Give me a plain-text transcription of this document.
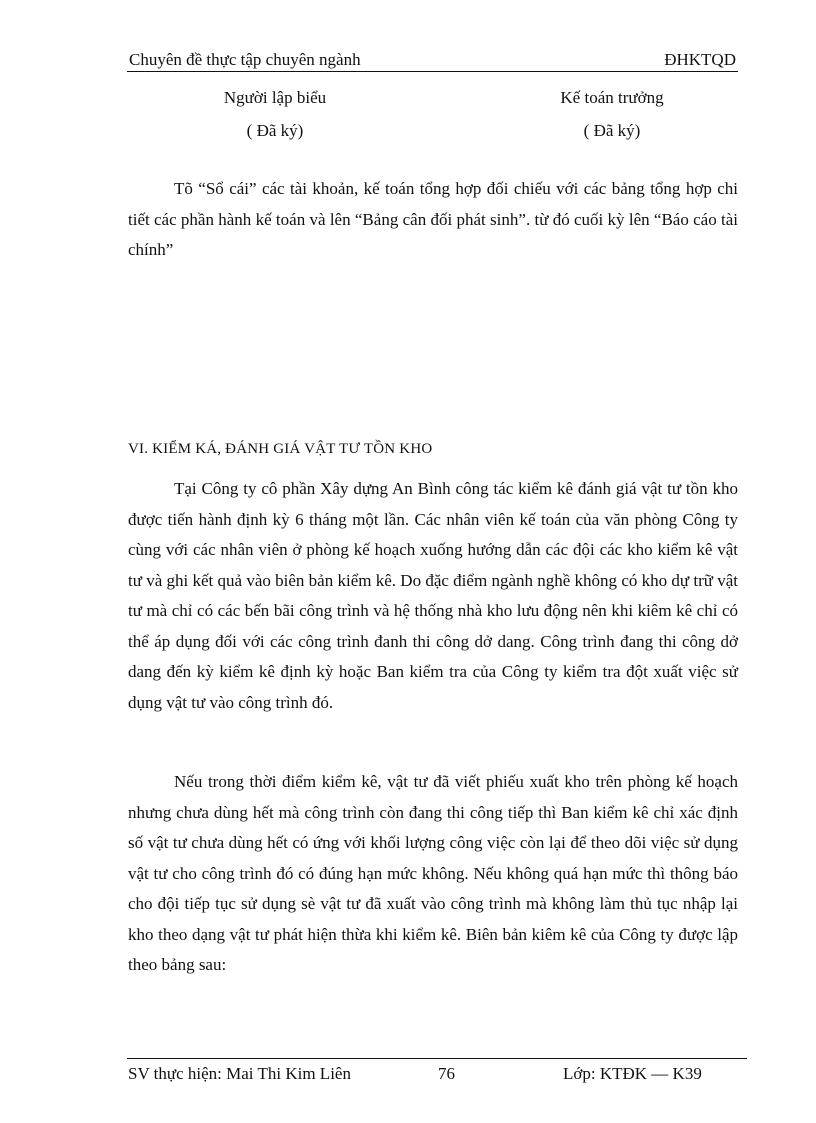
Chuyên đề thực tập chuyên ngành	ĐHKTQD
Người lập biểu
( Đã ký)
Kế toán trưởng
( Đã ký)

Tõ “Sổ cái” các tài khoản, kế toán tổng hợp đối chiếu với các bảng tổng hợp chi tiết các phần hành kế toán và lên “Bảng cân đối phát sinh”. từ đó cuối kỳ lên “Báo cáo tài chính”

VI. KIỂM KÁ, ĐÁNH GIÁ VẬT TƯ TỒN KHO

Tại Công ty cô phần Xây dựng An Bình công tác kiểm kê đánh giá vật tư tồn kho được tiến hành định kỳ 6 tháng một lần. Các nhân viên kế toán của văn phòng Công ty cùng với các nhân viên ở phòng kế hoạch xuống hướng dẫn các đội các kho kiểm kê vật tư và ghi kết quả vào biên bản kiểm kê. Do đặc điểm ngành nghề không có kho dự trữ vật tư mà chỉ có các bến bãi công trình và hệ thống nhà kho lưu động nên khi kiêm kê chỉ có thể áp dụng đối với các công trình đanh thi công dở dang. Công trình đang thi công dở dang đến kỳ kiểm kê định kỳ hoặc Ban kiểm tra của Công ty kiểm tra đột xuất việc sử dụng vật tư vào công trình đó.

Nếu trong thời điểm kiểm kê, vật tư đã viết phiếu xuất kho trên phòng kế hoạch nhưng chưa dùng hết mà công trình còn đang thi công tiếp thì Ban kiểm kê chỉ xác định số vật tư chưa dùng hết có ứng với khối lượng công việc còn lại để theo dõi việc sử dụng vật tư cho công trình đó có đúng hạn mức không. Nếu không quá hạn mức thì thông báo cho đội tiếp tục sử dụng sè vật tư đã xuất vào công trình mà không làm thủ tục nhập lại kho theo dạng vật tư phát hiện thừa khi kiểm kê. Biên bản kiêm kê của Công ty được lập theo bảng sau:

SV thực hiện: Mai Thi Kim Liên	76	Lớp: KTĐK — K39
